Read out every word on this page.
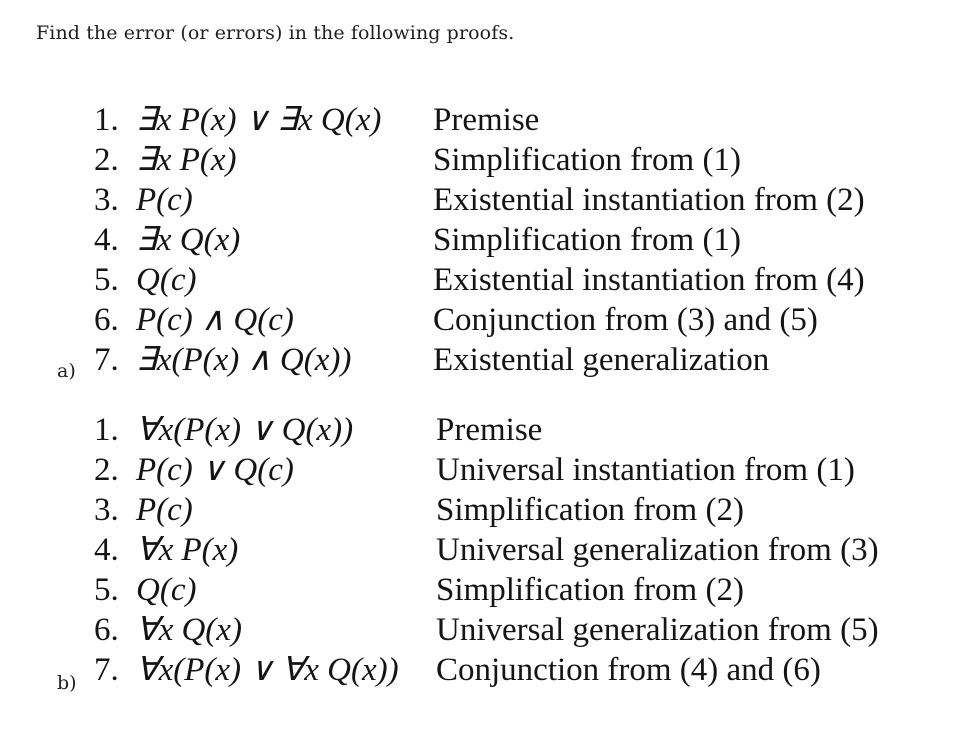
Find the error (or errors) in the following proofs.
1. ∃x P(x) ∨ ∃x Q(x) Premise
2. ∃x P(x)	Simplification from (1)
3. P(c)	Existential instantiation from (2)
4. ∃x Q(x)	Simplification from (1)
5. Q(c)	Existential instantiation from (4)
6. P(c) ∧ Q(c)	Conjunction from (3) and (5)
7. ∃x(P(x) ∧ Q(x)) Existential generalization
a)
1. ∀x(P(x) ∨ Q(x))	Premise
2. P(c) ∨ Q(c)	Universal instantiation from (1)
3. P(c)	Simplification from (2)
4. ∀x P(x)	Universal generalization from (3)
5. Q(c)	Simplification from (2)
6. ∀x Q(x)	Universal generalization from (5)
7. ∀x(P(x) ∨ ∀x Q(x)) Conjunction from (4) and (6)
b)
